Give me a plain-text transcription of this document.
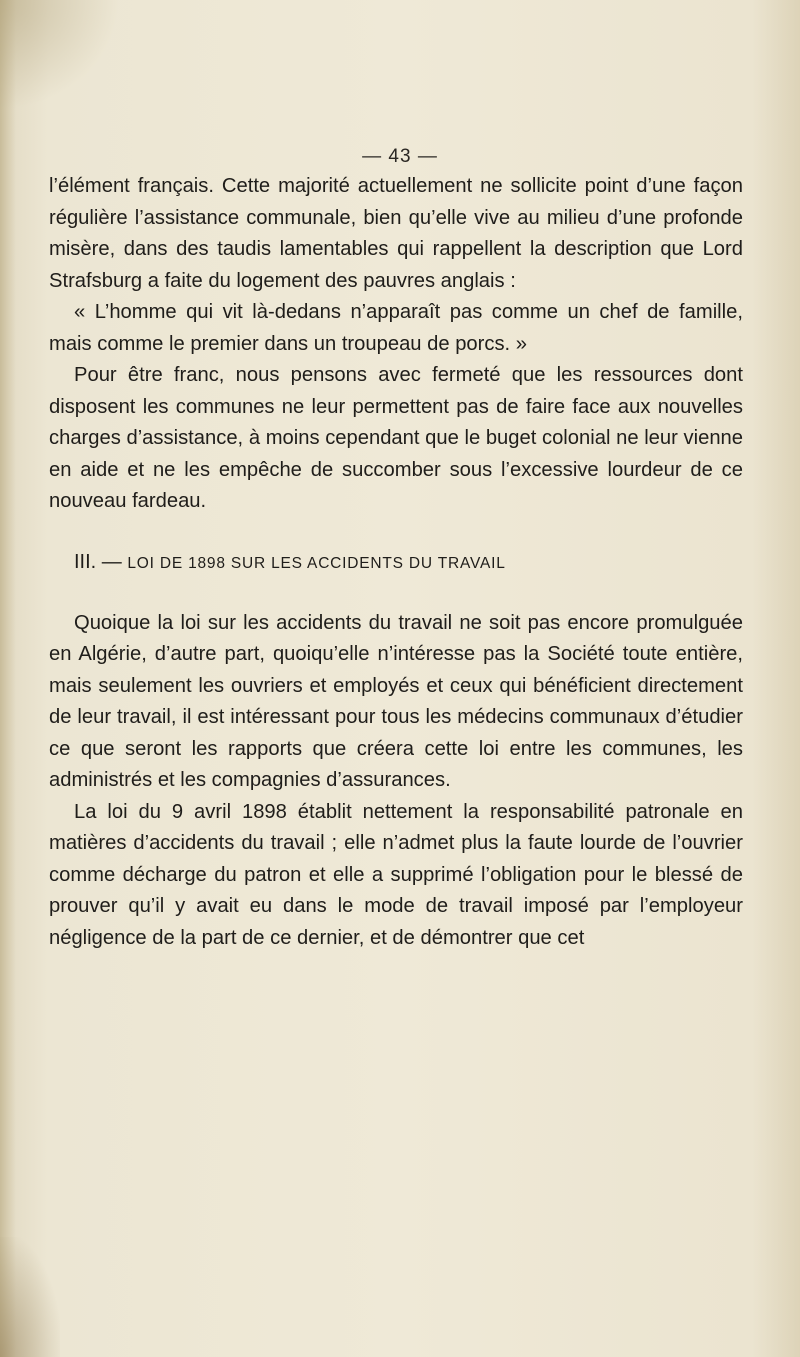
— 43 —

l’élément français. Cette majorité actuellement ne sollicite point d’une façon régulière l’assistance communale, bien qu’elle vive au milieu d’une profonde misère, dans des taudis lamentables qui rappellent la description que Lord Strafsburg a faite du logement des pauvres anglais :

« L’homme qui vit là-dedans n’apparaît pas comme un chef de famille, mais comme le premier dans un troupeau de porcs. »

Pour être franc, nous pensons avec fermeté que les ressources dont disposent les communes ne leur permettent pas de faire face aux nouvelles charges d’assistance, à moins cependant que le buget colonial ne leur vienne en aide et ne les empêche de succomber sous l’excessive lourdeur de ce nouveau fardeau.

III. — LOI DE 1898 SUR LES ACCIDENTS DU TRAVAIL

Quoique la loi sur les accidents du travail ne soit pas encore promulguée en Algérie, d’autre part, quoiqu’elle n’intéresse pas la Société toute entière, mais seulement les ouvriers et employés et ceux qui bénéficient directement de leur travail, il est intéressant pour tous les médecins communaux d’étudier ce que seront les rapports que créera cette loi entre les communes, les administrés et les compagnies d’assurances.

La loi du 9 avril 1898 établit nettement la responsabilité patronale en matières d’accidents du travail ; elle n’admet plus la faute lourde de l’ouvrier comme décharge du patron et elle a supprimé l’obligation pour le blessé de prouver qu’il y avait eu dans le mode de travail imposé par l’employeur négligence de la part de ce dernier, et de démontrer que cet
